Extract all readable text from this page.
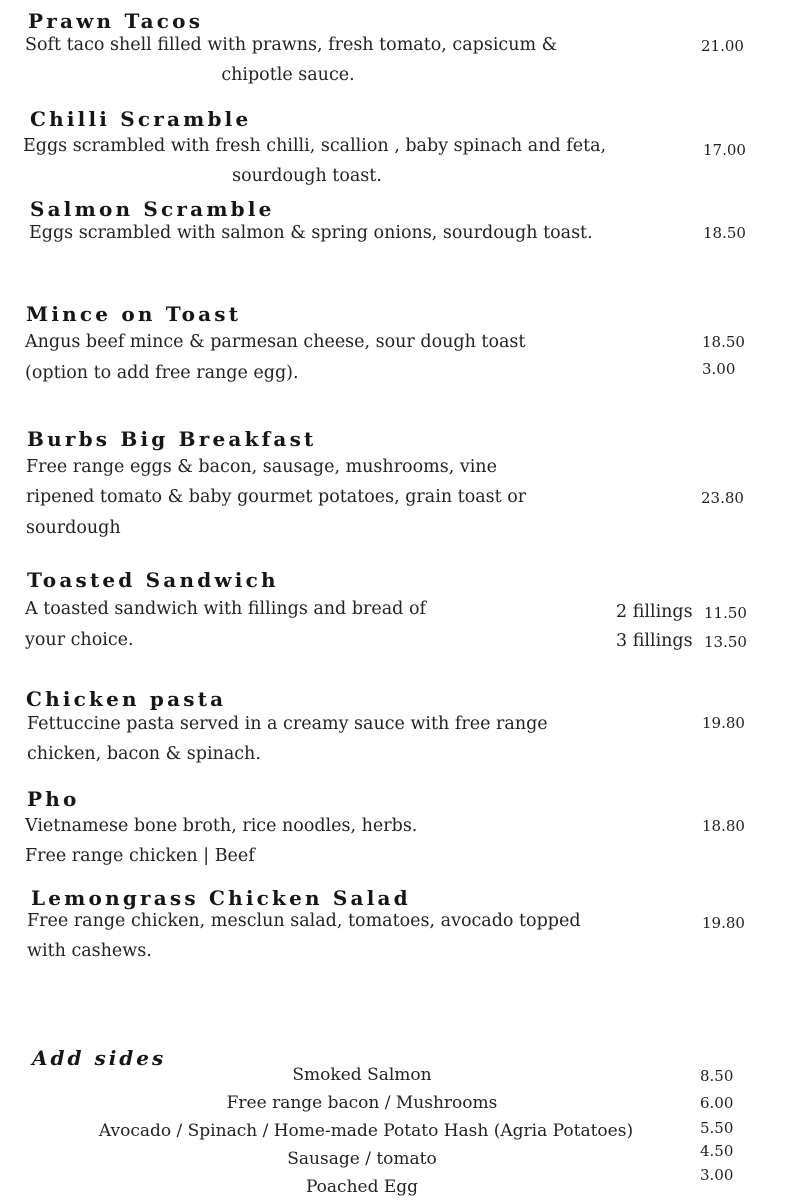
Prawn Tacos
Soft taco shell filled with prawns, fresh tomato, capsicum &
chipotle sauce.
21.00
Chilli Scramble
Eggs scrambled with fresh chilli, scallion , baby spinach and feta,
sourdough toast.
17.00
Salmon Scramble
Eggs scrambled with salmon & spring onions, sourdough toast.	18.50
Mince on Toast
Angus beef mince & parmesan cheese, sour dough toast
(option to add free range egg).
18.50
3.00
Burbs Big Breakfast
Free range eggs & bacon, sausage, mushrooms, vine
ripened tomato & baby gourmet potatoes, grain toast or
sourdough
23.80
Toasted Sandwich
A toasted sandwich with fillings and bread of
your choice.
2 fillings 11.50
3 fillings 13.50
Chicken pasta
Fettuccine pasta served in a creamy sauce with free range
chicken, bacon & spinach.
19.80
Pho
Vietnamese bone broth, rice noodles, herbs.
Free range chicken | Beef
18.80
Lemongrass Chicken Salad
Free range chicken, mesclun salad, tomatoes, avocado topped
with cashews.
19.80
Add sides
Smoked Salmon
Free range bacon / Mushrooms
Avocado / Spinach / Home-made Potato Hash (Agria Potatoes)
Sausage / tomato
Poached Egg
8.50
6.00
5.50
4.50
3.00
